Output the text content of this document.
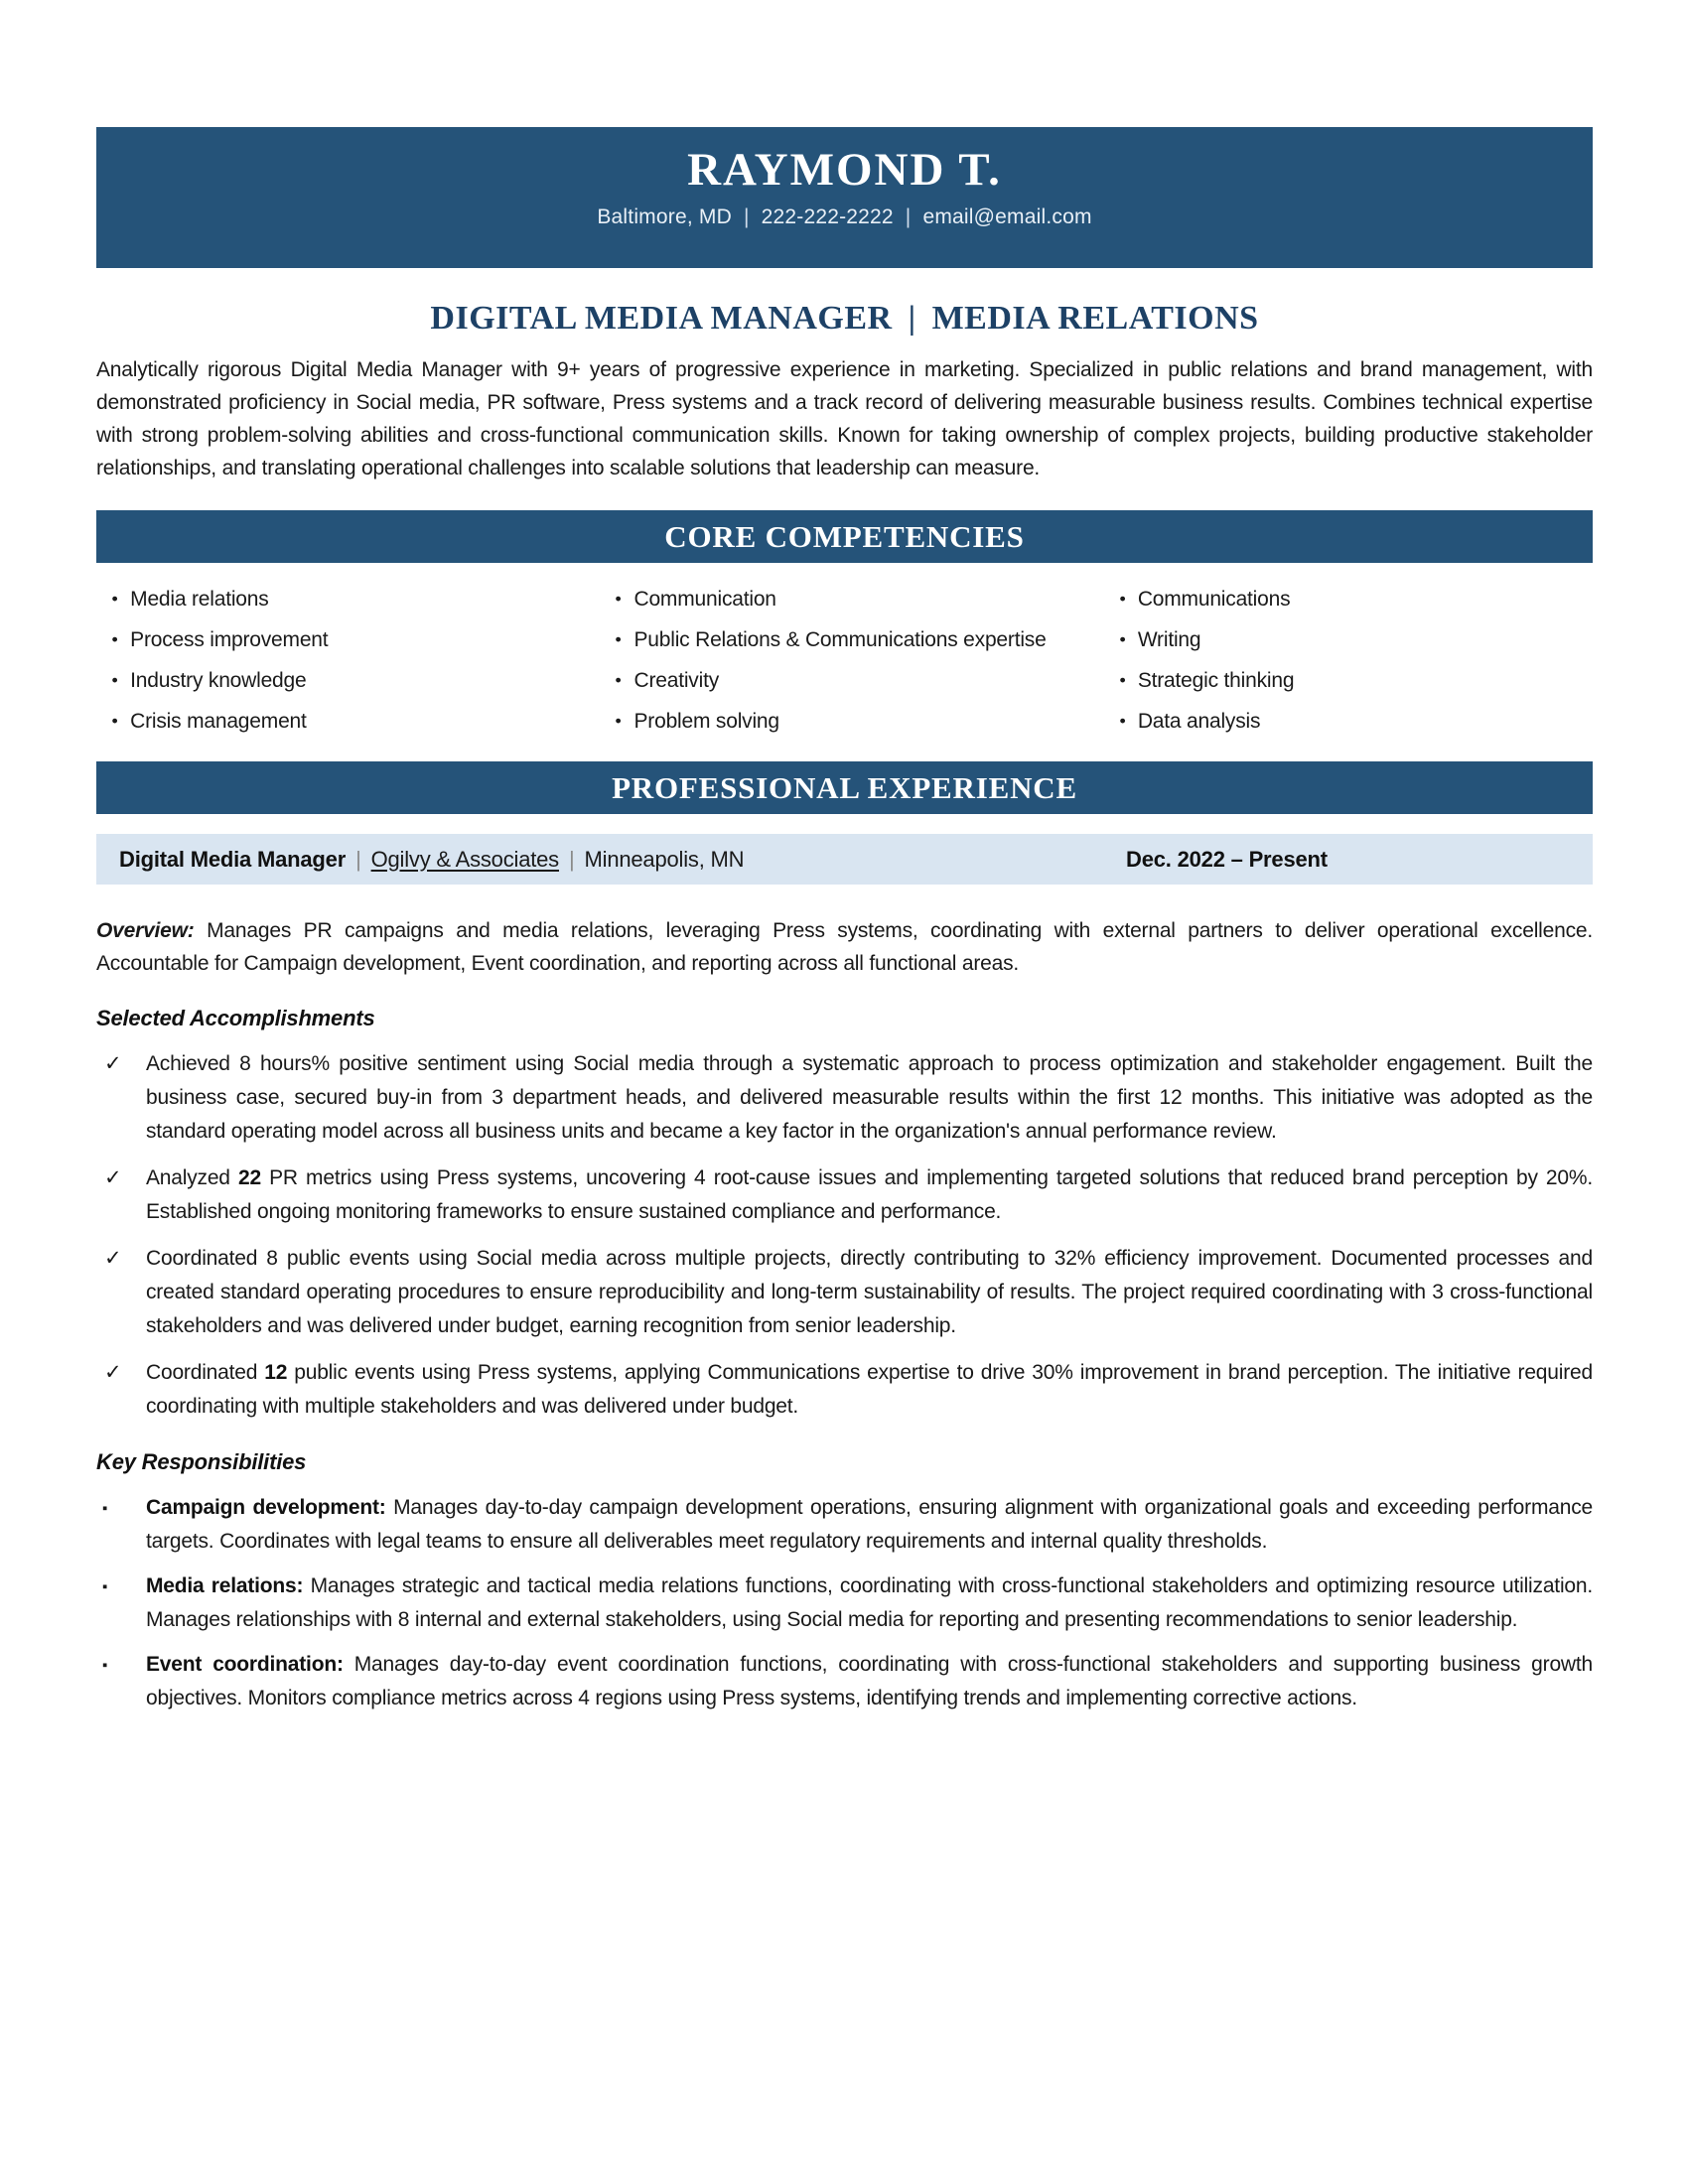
RAYMOND T.
Baltimore, MD | 222-222-2222 | email@email.com
DIGITAL MEDIA MANAGER | MEDIA RELATIONS

Analytically rigorous Digital Media Manager with 9+ years of progressive experience in marketing. Specialized in public relations and brand management, with demonstrated proficiency in Social media, PR software, Press systems and a track record of delivering measurable business results. Combines technical expertise with strong problem-solving abilities and cross-functional communication skills. Known for taking ownership of complex projects, building productive stakeholder relationships, and translating operational challenges into scalable solutions that leadership can measure.

CORE COMPETENCIES
• Media relations	• Communication	• Communications
• Process improvement	• Public Relations & Communications expertise	• Writing
• Industry knowledge	• Creativity	• Strategic thinking
• Crisis management	• Problem solving	• Data analysis
PROFESSIONAL EXPERIENCE
Digital Media Manager | Ogilvy & Associates | Minneapolis, MN	Dec. 2022 – Present

Overview: Manages PR campaigns and media relations, leveraging Press systems, coordinating with external partners to deliver operational excellence. Accountable for Campaign development, Event coordination, and reporting across all functional areas.

Selected Accomplishments
✓	Achieved 8 hours% positive sentiment using Social media through a systematic approach to process optimization and stakeholder engagement. Built the business case, secured buy-in from 3 department heads, and delivered measurable results within the first 12 months. This initiative was adopted as the standard operating model across all business units and became a key factor in the organization's annual performance review.
✓	Analyzed 22 PR metrics using Press systems, uncovering 4 root-cause issues and implementing targeted solutions that reduced brand perception by 20%. Established ongoing monitoring frameworks to ensure sustained compliance and performance.
✓	Coordinated 8 public events using Social media across multiple projects, directly contributing to 32% efficiency improvement. Documented processes and created standard operating procedures to ensure reproducibility and long-term sustainability of results. The project required coordinating with 3 cross-functional stakeholders and was delivered under budget, earning recognition from senior leadership.
✓	Coordinated 12 public events using Press systems, applying Communications expertise to drive 30% improvement in brand perception. The initiative required coordinating with multiple stakeholders and was delivered under budget.
Key Responsibilities
▪	Campaign development: Manages day-to-day campaign development operations, ensuring alignment with organizational goals and exceeding performance targets. Coordinates with legal teams to ensure all deliverables meet regulatory requirements and internal quality thresholds.
▪	Media relations: Manages strategic and tactical media relations functions, coordinating with cross-functional stakeholders and optimizing resource utilization. Manages relationships with 8 internal and external stakeholders, using Social media for reporting and presenting recommendations to senior leadership.
▪	Event coordination: Manages day-to-day event coordination functions, coordinating with cross-functional stakeholders and supporting business growth objectives. Monitors compliance metrics across 4 regions using Press systems, identifying trends and implementing corrective actions.
